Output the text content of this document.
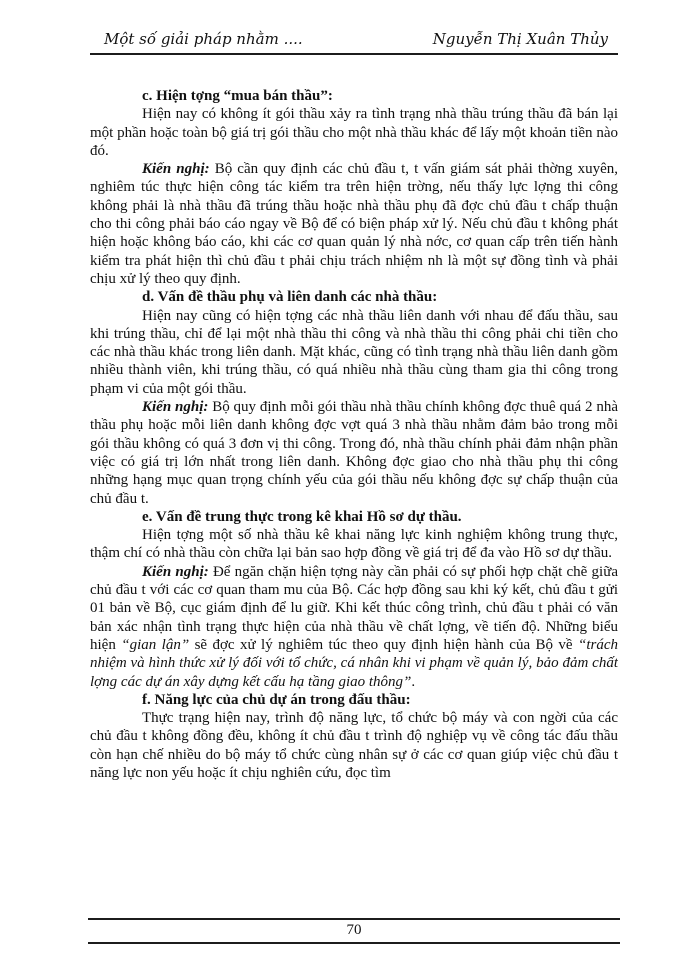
Một số giải pháp nhằm ....	Nguyễn Thị Xuân Thủy

c. Hiện tợng “mua bán thầu”:

Hiện nay có không ít gói thầu xảy ra tình trạng nhà thầu trúng thầu đã bán lại một phần hoặc toàn bộ giá trị gói thầu cho một nhà thầu khác để lấy một khoản tiền nào đó.

Kiến nghị: Bộ cần quy định các chủ đầu t, t vấn giám sát phải thờng xuyên, nghiêm túc thực hiện công tác kiểm tra trên hiện trờng, nếu thấy lực lợng thi công không phải là nhà thầu đã trúng thầu hoặc nhà thầu phụ đã đợc chủ đầu t chấp thuận cho thi công phải báo cáo ngay về Bộ để có biện pháp xử lý. Nếu chủ đầu t không phát hiện hoặc không báo cáo, khi các cơ quan quản lý nhà nớc, cơ quan cấp trên tiến hành kiểm tra phát hiện thì chủ đầu t phải chịu trách nhiệm nh là một sự đồng tình và phải chịu xử lý theo quy định.

d. Vấn đề thầu phụ và liên danh các nhà thầu:

Hiện nay cũng có hiện tợng các nhà thầu liên danh với nhau để đấu thầu, sau khi trúng thầu, chỉ để lại một nhà thầu thi công và nhà thầu thi công phải chi tiền cho các nhà thầu khác trong liên danh. Mặt khác, cũng có tình trạng nhà thầu liên danh gồm nhiều thành viên, khi trúng thầu, có quá nhiều nhà thầu cùng tham gia thi công trong phạm vi của một gói thầu.

Kiến nghị: Bộ quy định mỗi gói thầu nhà thầu chính không đợc thuê quá 2 nhà thầu phụ hoặc mỗi liên danh không đợc vợt quá 3 nhà thầu nhằm đảm bảo trong mỗi gói thầu không có quá 3 đơn vị thi công. Trong đó, nhà thầu chính phải đảm nhận phần việc có giá trị lớn nhất trong liên danh. Không đợc giao cho nhà thầu phụ thi công những hạng mục quan trọng chính yếu của gói thầu nếu không đợc sự chấp thuận của chủ đầu t.

e. Vấn đề trung thực trong kê khai Hồ sơ dự thầu.

Hiện tợng một số nhà thầu kê khai năng lực kinh nghiệm không trung thực, thậm chí có nhà thầu còn chữa lại bản sao hợp đồng về giá trị để đa vào Hồ sơ dự thầu.

Kiến nghị: Để ngăn chặn hiện tợng này cần phải có sự phối hợp chặt chẽ giữa chủ đầu t với các cơ quan tham mu của Bộ. Các hợp đồng sau khi ký kết, chủ đầu t gửi 01 bản về Bộ, cục giám định để lu giữ. Khi kết thúc công trình, chủ đầu t phải có văn bản xác nhận tình trạng thực hiện của nhà thầu về chất lợng, về tiến độ. Những biểu hiện “gian lận” sẽ đợc xử lý nghiêm túc theo quy định hiện hành của Bộ về “trách nhiệm và hình thức xử lý đối với tổ chức, cá nhân khi vi phạm về quản lý, bảo đảm chất lợng các dự án xây dựng kết cấu hạ tầng giao thông”.

f. Năng lực của chủ dự án trong đấu thầu:

Thực trạng hiện nay, trình độ năng lực, tổ chức bộ máy và con ngời của các chủ đầu t không đồng đều, không ít chủ đầu t trình độ nghiệp vụ về công tác đấu thầu còn hạn chế nhiều do bộ máy tổ chức cùng nhân sự ở các cơ quan giúp việc chủ đầu t năng lực non yếu hoặc ít chịu nghiên cứu, đọc tìm

70
